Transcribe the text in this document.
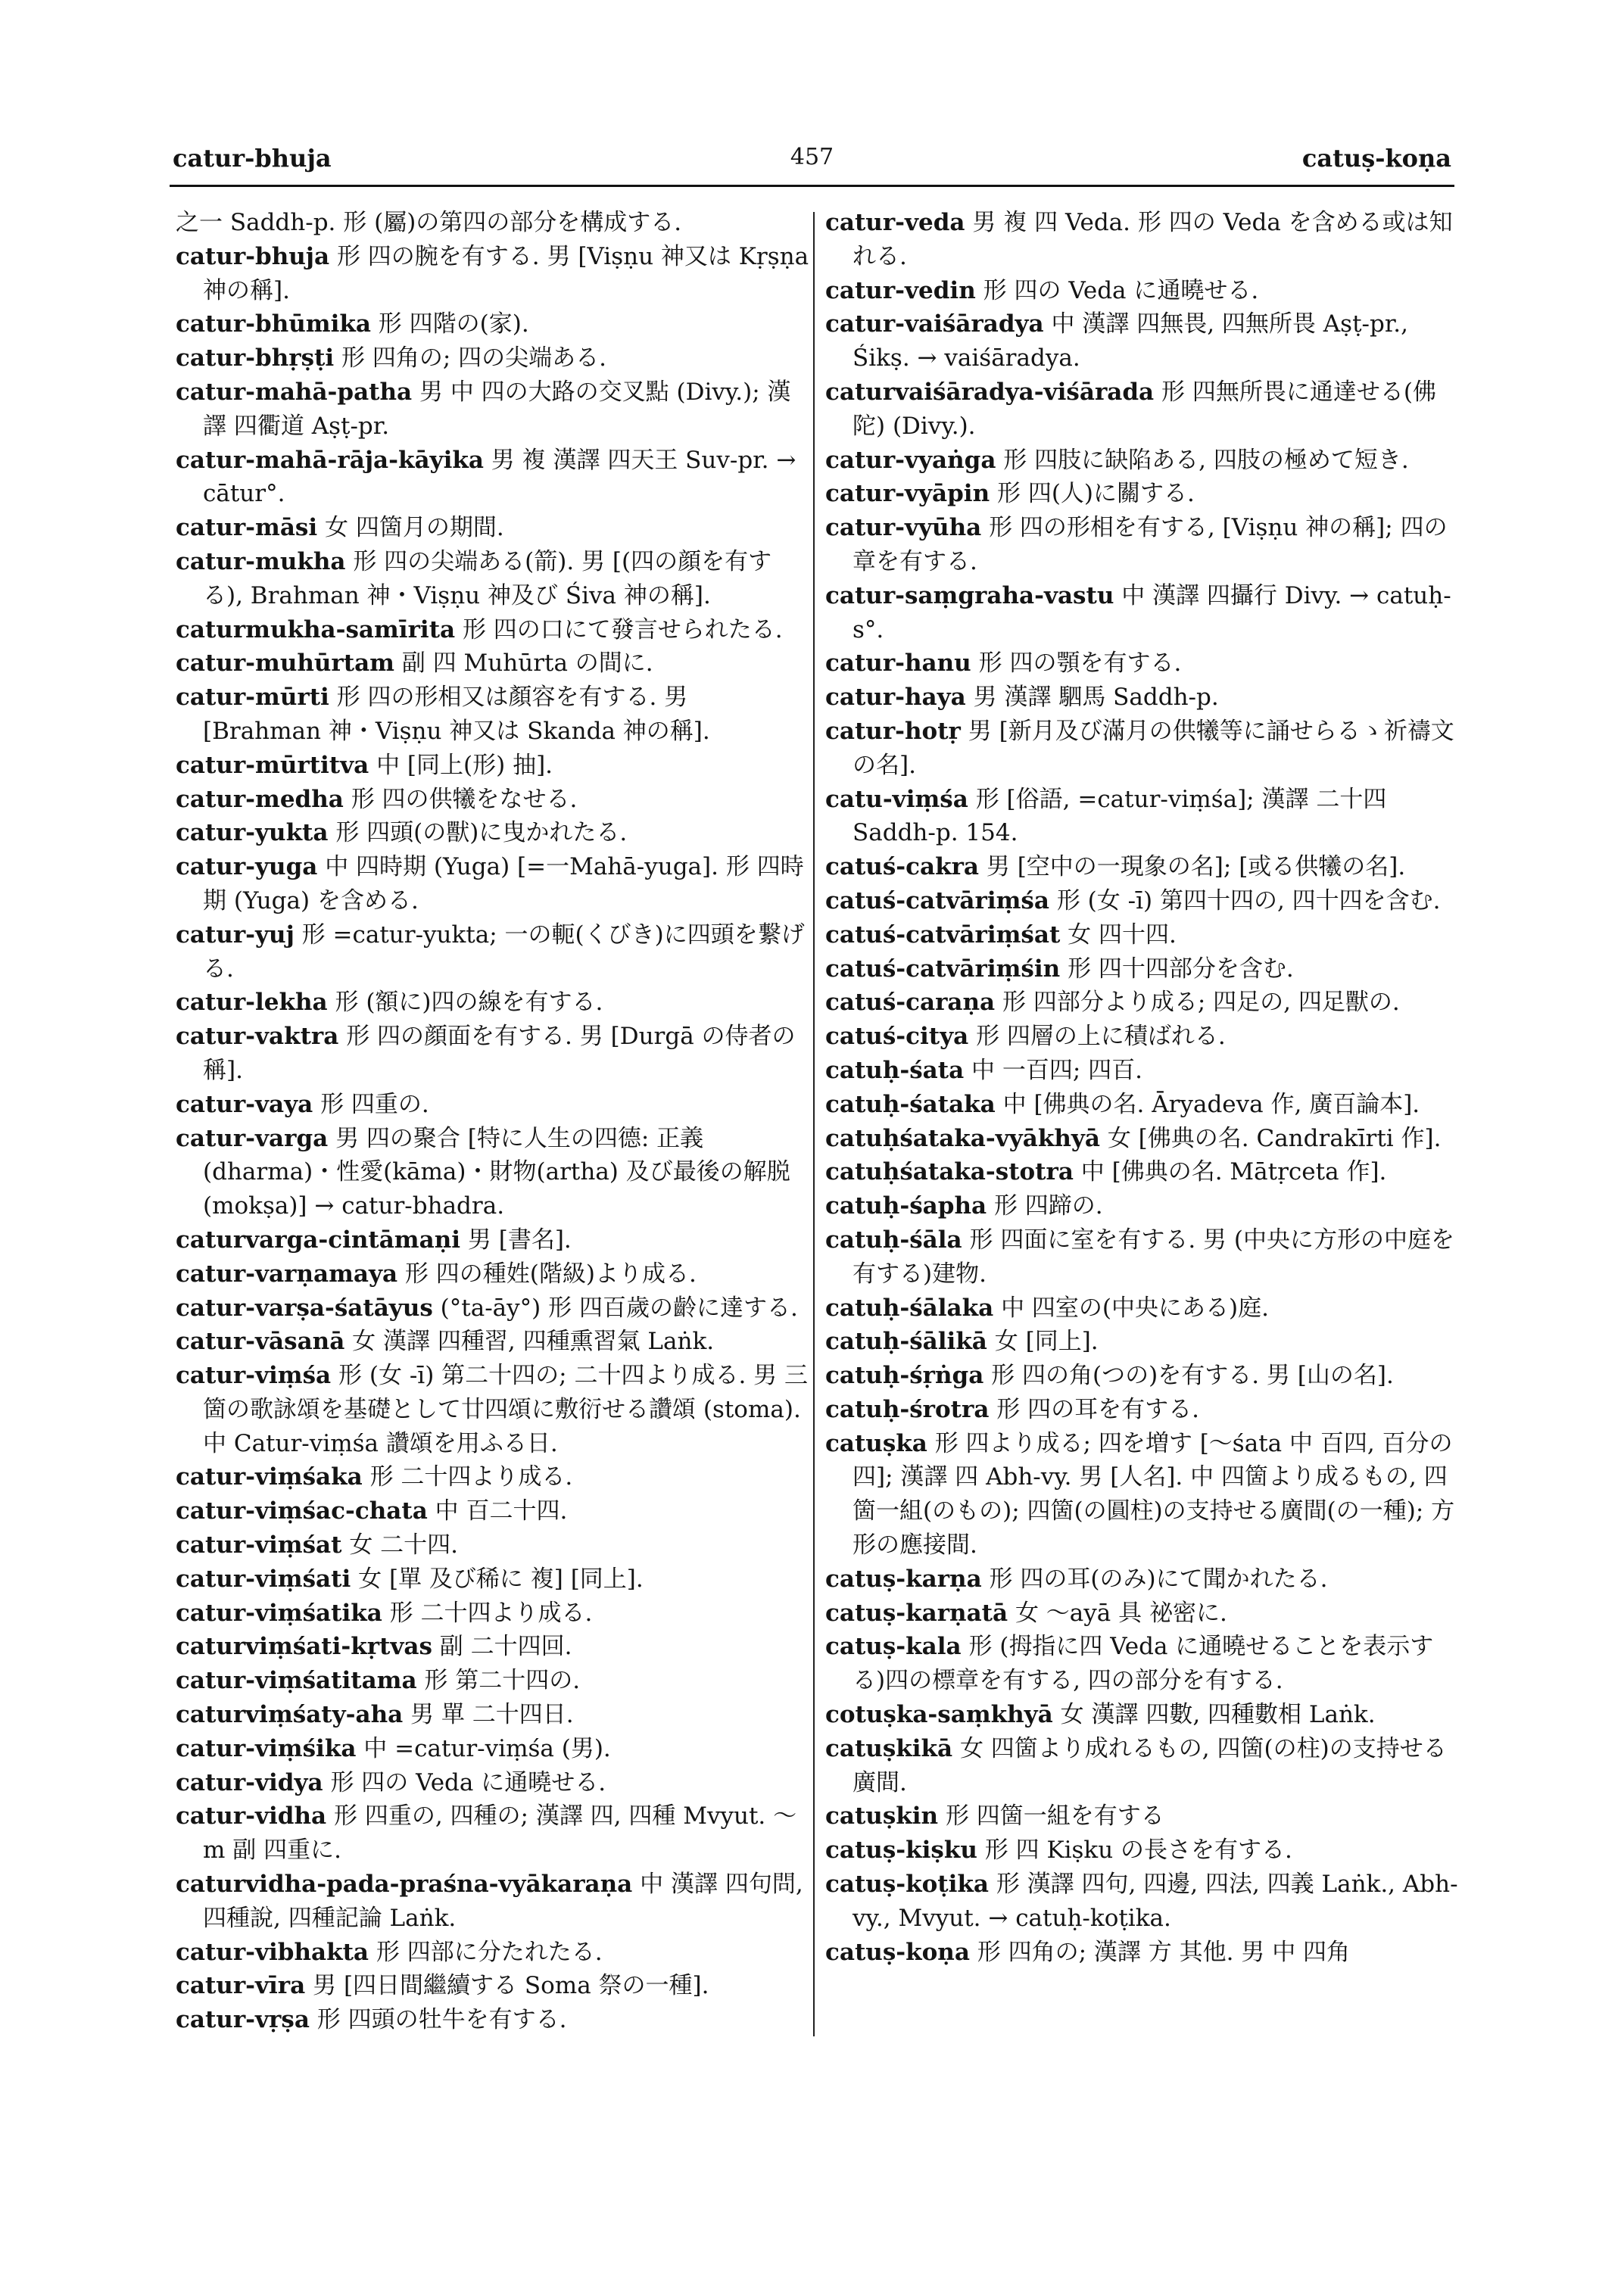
catur-bhuja	457	catuṣ-koṇa

之一 Saddh-p. 形 (屬)の第四の部分を構成する.

catur-bhuja 形 四の腕を有する. 男 [Viṣṇu 神又は Kṛṣṇa 神の稱].

catur-bhūmika 形 四階の(家).

catur-bhṛṣṭi 形 四角の; 四の尖端ある.

catur-mahā-patha 男 中 四の大路の交叉點 (Divy.); 漢譯 四衢道 Aṣṭ-pr.

catur-mahā-rāja-kāyika 男 複 漢譯 四天王 Suv-pr. → cātur°.

catur-māsi 女 四箇月の期間.

catur-mukha 形 四の尖端ある(箭). 男 [(四の顔を有する), Brahman 神・Viṣṇu 神及び Śiva 神の稱].

caturmukha-samīrita 形 四の口にて發言せられたる.

catur-muhūrtam 副 四 Muhūrta の間に.

catur-mūrti 形 四の形相又は顏容を有する. 男 [Brahman 神・Viṣṇu 神又は Skanda 神の稱].

catur-mūrtitva 中 [同上(形) 抽].

catur-medha 形 四の供犧をなせる.

catur-yukta 形 四頭(の獸)に曳かれたる.

catur-yuga 中 四時期 (Yuga) [=一Mahā-yuga]. 形 四時期 (Yuga) を含める.

catur-yuj 形 =catur-yukta; 一の軛(くびき)に四頭を繋げる.

catur-lekha 形 (額に)四の線を有する.

catur-vaktra 形 四の顔面を有する. 男 [Durgā の侍者の稱].

catur-vaya 形 四重の.

catur-varga 男 四の聚合 [特に人生の四德: 正義(dharma)・性愛(kāma)・財物(artha) 及び最後の解脱(mokṣa)] → catur-bhadra.

caturvarga-cintāmaṇi 男 [書名].

catur-varṇamaya 形 四の種姓(階級)より成る.

catur-varṣa-śatāyus (°ta-āy°) 形 四百歲の齡に達する.

catur-vāsanā 女 漢譯 四種習, 四種熏習氣 Laṅk.

catur-viṃśa 形 (女 -ī) 第二十四の; 二十四より成る. 男 三箇の歌詠頌を基礎として廿四頌に敷衍せる讚頌 (stoma). 中 Catur-viṃśa 讚頌を用ふる日.

catur-viṃśaka 形 二十四より成る.

catur-viṃśac-chata 中 百二十四.

catur-viṃśat 女 二十四.

catur-viṃśati 女 [單 及び稀に 複] [同上].

catur-viṃśatika 形 二十四より成る.

caturviṃśati-kṛtvas 副 二十四回.

catur-viṃśatitama 形 第二十四の.

caturviṃśaty-aha 男 單 二十四日.

catur-viṃśika 中 =catur-viṃśa (男).

catur-vidya 形 四の Veda に通曉せる.

catur-vidha 形 四重の, 四種の; 漢譯 四, 四種 Mvyut. ～m 副 四重に.

caturvidha-pada-praśna-vyākaraṇa 中 漢譯 四句問, 四種說, 四種記論 Laṅk.

catur-vibhakta 形 四部に分たれたる.

catur-vīra 男 [四日間繼續する Soma 祭の一種].

catur-vṛṣa 形 四頭の牡牛を有する.

catur-veda 男 複 四 Veda. 形 四の Veda を含める或は知れる.

catur-vedin 形 四の Veda に通曉せる.

catur-vaiśāradya 中 漢譯 四無畏, 四無所畏 Aṣṭ-pr., Śikṣ. → vaiśāradya.

caturvaiśāradya-viśārada 形 四無所畏に通達せる(佛陀) (Divy.).

catur-vyaṅga 形 四肢に缺陷ある, 四肢の極めて短き.

catur-vyāpin 形 四(人)に關する.

catur-vyūha 形 四の形相を有する, [Viṣṇu 神の稱]; 四の章を有する.

catur-saṃgraha-vastu 中 漢譯 四攝行 Divy. → catuḥ-s°.

catur-hanu 形 四の顎を有する.

catur-haya 男 漢譯 駟馬 Saddh-p.

catur-hotṛ 男 [新月及び滿月の供犧等に誦せらるゝ祈禱文の名].

catu-viṃśa 形 [俗語, =catur-viṃśa]; 漢譯 二十四 Saddh-p. 154.

catuś-cakra 男 [空中の一現象の名]; [或る供犧の名].

catuś-catvāriṃśa 形 (女 -ī) 第四十四の, 四十四を含む.

catuś-catvāriṃśat 女 四十四.

catuś-catvāriṃśin 形 四十四部分を含む.

catuś-caraṇa 形 四部分より成る; 四足の, 四足獸の.

catuś-citya 形 四層の上に積ばれる.

catuḥ-śata 中 一百四; 四百.

catuḥ-śataka 中 [佛典の名. Āryadeva 作, 廣百論本].

catuḥśataka-vyākhyā 女 [佛典の名. Candrakīrti 作].

catuḥśataka-stotra 中 [佛典の名. Mātṛceta 作].

catuḥ-śapha 形 四蹄の.

catuḥ-śāla 形 四面に室を有する. 男 (中央に方形の中庭を有する)建物.

catuḥ-śālaka 中 四室の(中央にある)庭.

catuḥ-śālikā 女 [同上].

catuḥ-śṛṅga 形 四の角(つの)を有する. 男 [山の名].

catuḥ-śrotra 形 四の耳を有する.

catuṣka 形 四より成る; 四を増す [～śata 中 百四, 百分の四]; 漢譯 四 Abh-vy. 男 [人名]. 中 四箇より成るもの, 四箇一組(のもの); 四箇(の圓柱)の支持せる廣間(の一種); 方形の應接間.

catuṣ-karṇa 形 四の耳(のみ)にて聞かれたる.

catuṣ-karṇatā 女 ～ayā 具 祕密に.

catuṣ-kala 形 (拇指に四 Veda に通曉せることを表示する)四の標章を有する, 四の部分を有する.

cotuṣka-saṃkhyā 女 漢譯 四數, 四種數相 Laṅk.

catuṣkikā 女 四箇より成れるもの, 四箇(の柱)の支持せる廣間.

catuṣkin 形 四箇一組を有する

catuṣ-kiṣku 形 四 Kiṣku の長さを有する.

catuṣ-koṭika 形 漢譯 四句, 四邊, 四法, 四義 Laṅk., Abh-vy., Mvyut. → catuḥ-koṭika.

catuṣ-koṇa 形 四角の; 漢譯 方 其他. 男 中 四角
